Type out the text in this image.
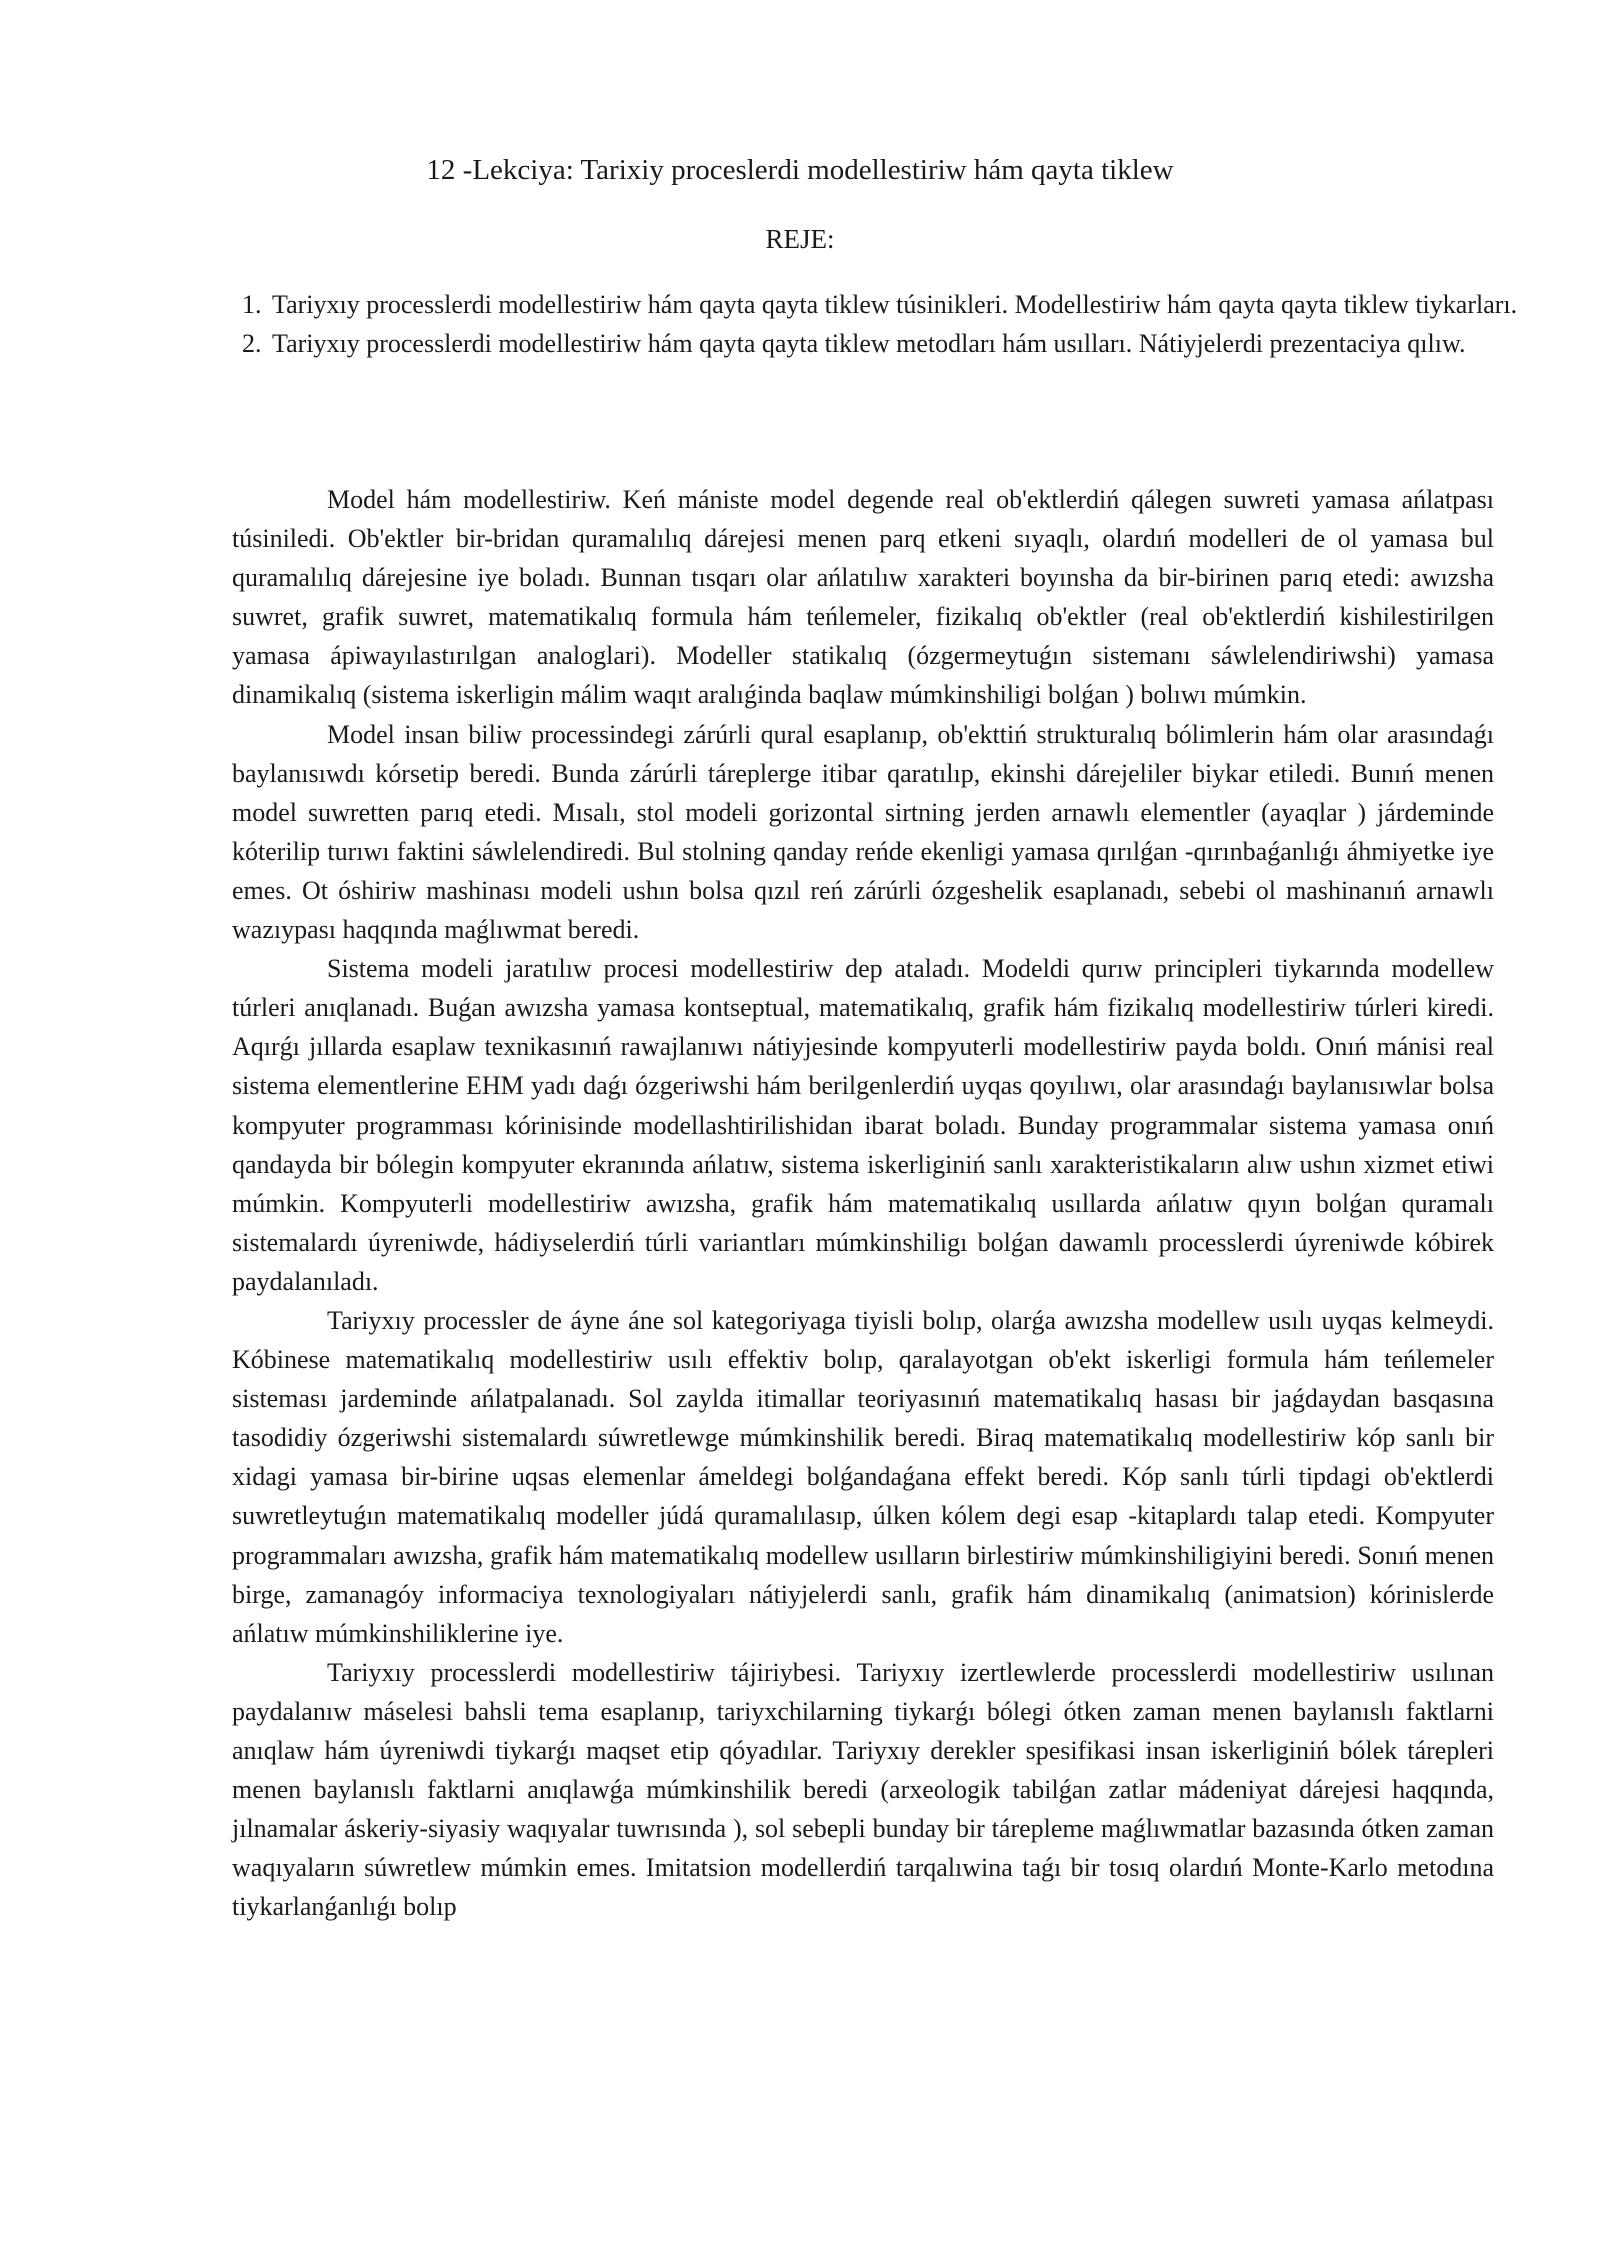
12 -Lekciya: Tarixiy proceslerdi modellestiriw hám qayta tiklew
REJE:
1. Tariyxıy processlerdi modellestiriw hám qayta qayta tiklew túsinikleri. Modellestiriw hám qayta qayta tiklew tiykarları.
2. Tariyxıy processlerdi modellestiriw hám qayta qayta tiklew metodları hám usılları. Nátiyjelerdi prezentaciya qılıw.

Model hám modellestiriw. Keń mániste model degende real ob'ektlerdiń qálegen suwreti yamasa ańlatpası túsiniledi. Ob'ektler bir-bridan quramalılıq dárejesi menen parq etkeni sıyaqlı, olardıń modelleri de ol yamasa bul quramalılıq dárejesine iye boladı. Bunnan tısqarı olar ańlatılıw xarakteri boyınsha da bir-birinen parıq etedi: awızsha suwret, grafik suwret, matematikalıq formula hám teńlemeler, fizikalıq ob'ektler (real ob'ektlerdiń kishilestirilgen yamasa ápiwayılastırılgan analoglari). Modeller statikalıq (ózgermeytuǵın sistemanı sáwlelendiriwshi) yamasa dinamikalıq (sistema iskerligin málim waqıt aralıǵinda baqlaw múmkinshiligi bolǵan ) bolıwı múmkin.

Model insan biliw processindegi zárúrli qural esaplanıp, ob'ekttiń strukturalıq bólimlerin hám olar arasındaǵı baylanısıwdı kórsetip beredi. Bunda zárúrli táreplerge itibar qaratılıp, ekinshi dárejeliler biykar etiledi. Bunıń menen model suwretten parıq etedi. Mısalı, stol modeli gorizontal sirtning jerden arnawlı elementler (ayaqlar ) járdeminde kóterilip turıwı faktini sáwlelendiredi. Bul stolning qanday reńde ekenligi yamasa qırılǵan -qırınbaǵanlıǵı áhmiyetke iye emes. Ot óshiriw mashinası modeli ushın bolsa qızıl reń zárúrli ózgeshelik esaplanadı, sebebi ol mashinanıń arnawlı wazıypası haqqında maǵlıwmat beredi.

Sistema modeli jaratılıw procesi modellestiriw dep ataladı. Modeldi qurıw principleri tiykarında modellew túrleri anıqlanadı. Buǵan awızsha yamasa kontseptual, matematikalıq, grafik hám fizikalıq modellestiriw túrleri kiredi. Aqırǵı jıllarda esaplaw texnikasınıń rawajlanıwı nátiyjesinde kompyuterli modellestiriw payda boldı. Onıń mánisi real sistema elementlerine EHM yadı daǵı ózgeriwshi hám berilgenlerdiń uyqas qoyılıwı, olar arasındaǵı baylanısıwlar bolsa kompyuter programması kórinisinde modellashtirilishidan ibarat boladı. Bunday programmalar sistema yamasa onıń qandayda bir bólegin kompyuter ekranında ańlatıw, sistema iskerliginiń sanlı xarakteristikaların alıw ushın xizmet etiwi múmkin. Kompyuterli modellestiriw awızsha, grafik hám matematikalıq usıllarda ańlatıw qıyın bolǵan quramalı sistemalardı úyreniwde, hádiyselerdiń túrli variantları múmkinshiligı bolǵan dawamlı processlerdi úyreniwde kóbirek paydalanıladı.

Tariyxıy processler de áyne áne sol kategoriyaga tiyisli bolıp, olarǵa awızsha modellew usılı uyqas kelmeydi. Kóbinese matematikalıq modellestiriw usılı effektiv bolıp, qaralayotgan ob'ekt iskerligi formula hám teńlemeler sisteması jardeminde ańlatpalanadı. Sol zaylda itimallar teoriyasınıń matematikalıq hasası bir jaǵdaydan basqasına tasodidiy ózgeriwshi sistemalardı súwretlewge múmkinshilik beredi. Biraq matematikalıq modellestiriw kóp sanlı bir xidagi yamasa bir-birine uqsas elemenlar ámeldegi bolǵandaǵana effekt beredi. Kóp sanlı túrli tipdagi ob'ektlerdi suwretleytuǵın matematikalıq modeller júdá quramalılasıp, úlken kólem degi esap -kitaplardı talap etedi. Kompyuter programmaları awızsha, grafik hám matematikalıq modellew usılların birlestiriw múmkinshiligiyini beredi. Sonıń menen birge, zamanagóy informaciya texnologiyaları nátiyjelerdi sanlı, grafik hám dinamikalıq (animatsion) kórinislerde ańlatıw múmkinshiliklerine iye.

Tariyxıy processlerdi modellestiriw tájiriybesi. Tariyxıy izertlewlerde processlerdi modellestiriw usılınan paydalanıw máselesi bahsli tema esaplanıp, tariyxchilarning tiykarǵı bólegi ótken zaman menen baylanıslı faktlarni anıqlaw hám úyreniwdi tiykarǵı maqset etip qóyadılar. Tariyxıy derekler spesifikasi insan iskerliginiń bólek tárepleri menen baylanıslı faktlarni anıqlawǵa múmkinshilik beredi (arxeologik tabilǵan zatlar mádeniyat dárejesi haqqında, jılnamalar áskeriy-siyasiy waqıyalar tuwrısında ), sol sebepli bunday bir tárepleme maǵlıwmatlar bazasında ótken zaman waqıyaların súwretlew múmkin emes. Imitatsion modellerdiń tarqalıwina taǵı bir tosıq olardıń Monte-Karlo metodına tiykarlanǵanlıǵı bolıp
